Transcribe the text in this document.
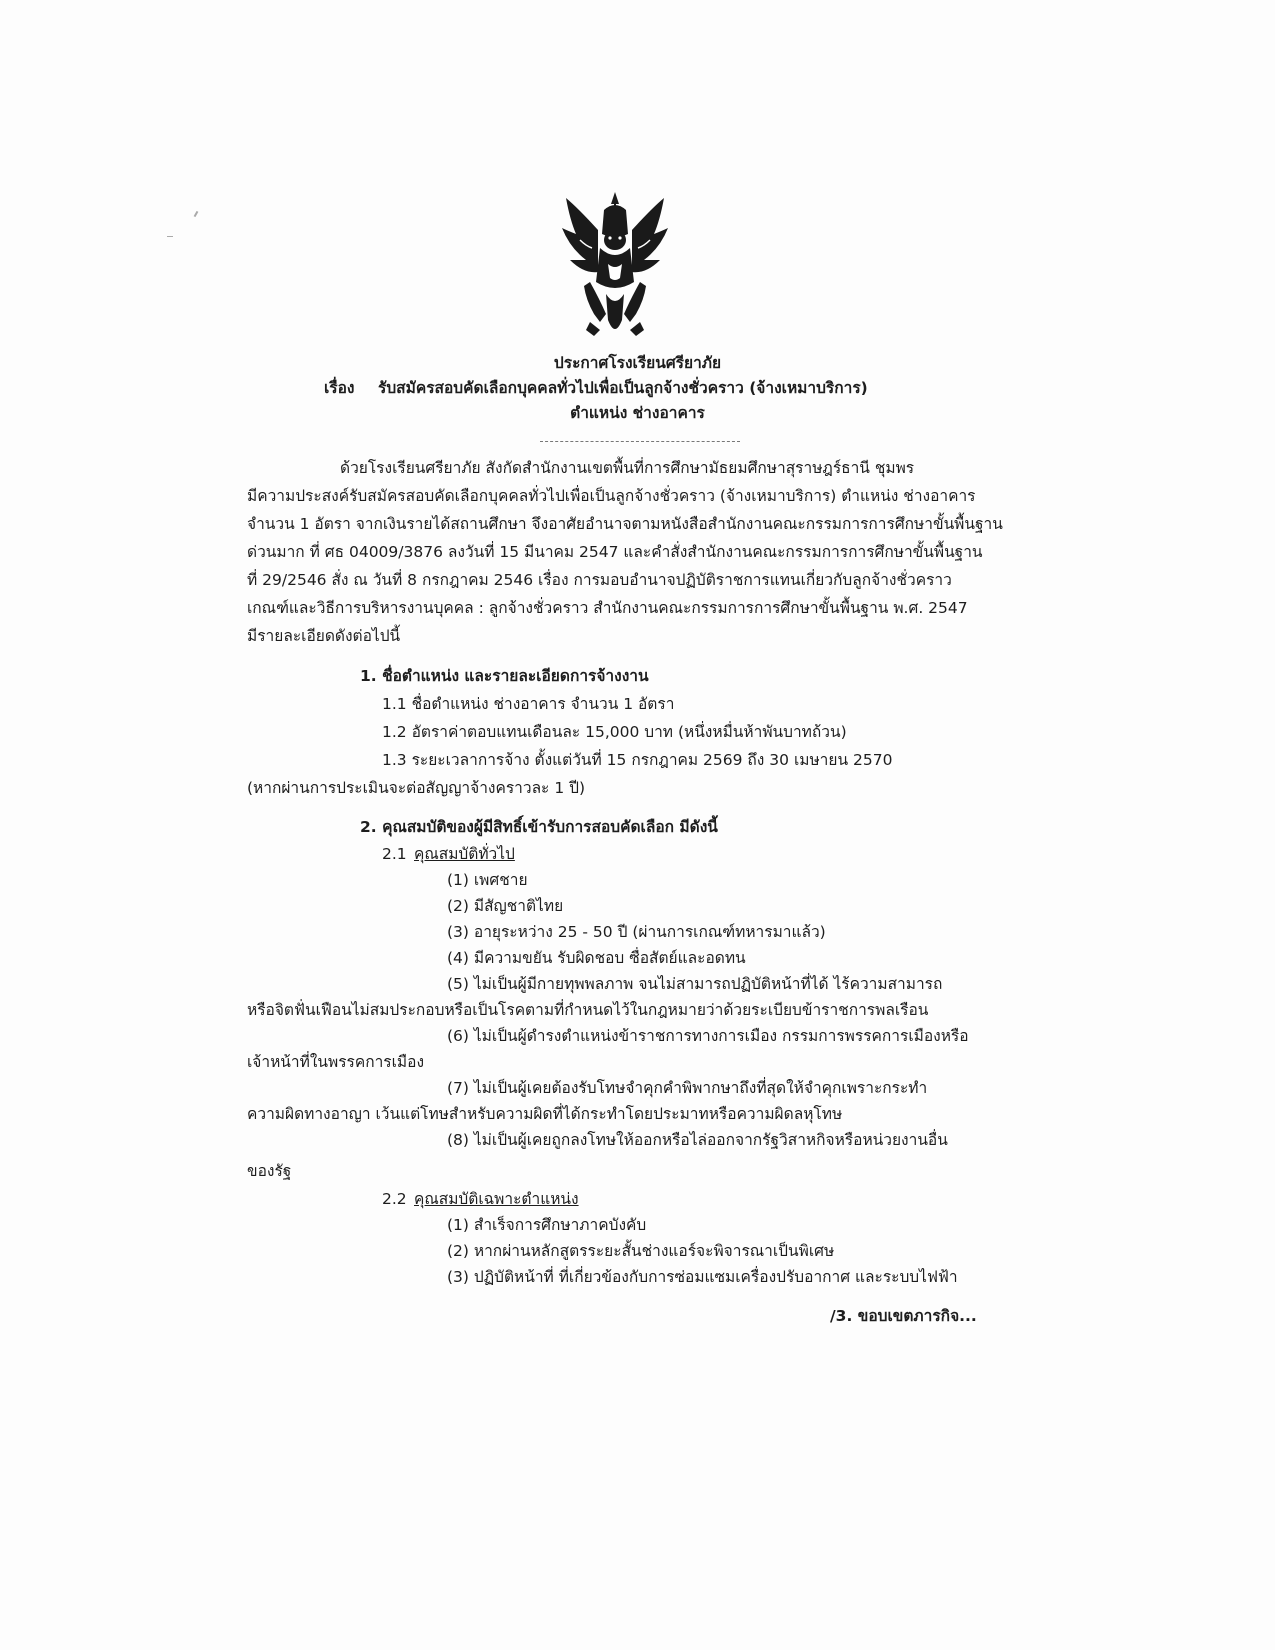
ประกาศโรงเรียนศรียาภัย
เรื่อง รับสมัครสอบคัดเลือกบุคคลทั่วไปเพื่อเป็นลูกจ้างชั่วคราว (จ้างเหมาบริการ)
ตำแหน่ง ช่างอาคาร
ด้วยโรงเรียนศรียาภัย สังกัดสำนักงานเขตพื้นที่การศึกษามัธยมศึกษาสุราษฎร์ธานี ชุมพร
มีความประสงค์รับสมัครสอบคัดเลือกบุคคลทั่วไปเพื่อเป็นลูกจ้างชั่วคราว (จ้างเหมาบริการ) ตำแหน่ง ช่างอาคาร
จำนวน 1 อัตรา จากเงินรายได้สถานศึกษา จึงอาศัยอำนาจตามหนังสือสำนักงานคณะกรรมการการศึกษาขั้นพื้นฐาน
ด่วนมาก ที่ ศธ 04009/3876 ลงวันที่ 15 มีนาคม 2547 และคำสั่งสำนักงานคณะกรรมการการศึกษาขั้นพื้นฐาน
ที่ 29/2546 สั่ง ณ วันที่ 8 กรกฎาคม 2546 เรื่อง การมอบอำนาจปฏิบัติราชการแทนเกี่ยวกับลูกจ้างชั่วคราว
เกณฑ์และวิธีการบริหารงานบุคคล : ลูกจ้างชั่วคราว สำนักงานคณะกรรมการการศึกษาขั้นพื้นฐาน พ.ศ. 2547
มีรายละเอียดดังต่อไปนี้
1. ชื่อตำแหน่ง และรายละเอียดการจ้างงาน
1.1 ชื่อตำแหน่ง ช่างอาคาร จำนวน 1 อัตรา
1.2 อัตราค่าตอบแทนเดือนละ 15,000 บาท (หนึ่งหมื่นห้าพันบาทถ้วน)
1.3 ระยะเวลาการจ้าง ตั้งแต่วันที่ 15 กรกฎาคม 2569 ถึง 30 เมษายน 2570
(หากผ่านการประเมินจะต่อสัญญาจ้างคราวละ 1 ปี)
2. คุณสมบัติของผู้มีสิทธิ์เข้ารับการสอบคัดเลือก มีดังนี้
2.1 คุณสมบัติทั่วไป
(1) เพศชาย
(2) มีสัญชาติไทย
(3) อายุระหว่าง 25 - 50 ปี (ผ่านการเกณฑ์ทหารมาแล้ว)
(4) มีความขยัน รับผิดชอบ ซื่อสัตย์และอดทน
(5) ไม่เป็นผู้มีกายทุพพลภาพ จนไม่สามารถปฏิบัติหน้าที่ได้ ไร้ความสามารถ
หรือจิตฟั่นเฟือนไม่สมประกอบหรือเป็นโรคตามที่กำหนดไว้ในกฎหมายว่าด้วยระเบียบข้าราชการพลเรือน
(6) ไม่เป็นผู้ดำรงตำแหน่งข้าราชการทางการเมือง กรรมการพรรคการเมืองหรือ
เจ้าหน้าที่ในพรรคการเมือง
(7) ไม่เป็นผู้เคยต้องรับโทษจำคุกคำพิพากษาถึงที่สุดให้จำคุกเพราะกระทำ
ความผิดทางอาญา เว้นแต่โทษสำหรับความผิดที่ได้กระทำโดยประมาทหรือความผิดลหุโทษ
(8) ไม่เป็นผู้เคยถูกลงโทษให้ออกหรือไล่ออกจากรัฐวิสาหกิจหรือหน่วยงานอื่น
ของรัฐ
2.2 คุณสมบัติเฉพาะตำแหน่ง
(1) สำเร็จการศึกษาภาคบังคับ
(2) หากผ่านหลักสูตรระยะสั้นช่างแอร์จะพิจารณาเป็นพิเศษ
(3) ปฏิบัติหน้าที่ ที่เกี่ยวข้องกับการซ่อมแซมเครื่องปรับอากาศ และระบบไฟฟ้า
/3. ขอบเขตภารกิจ...
